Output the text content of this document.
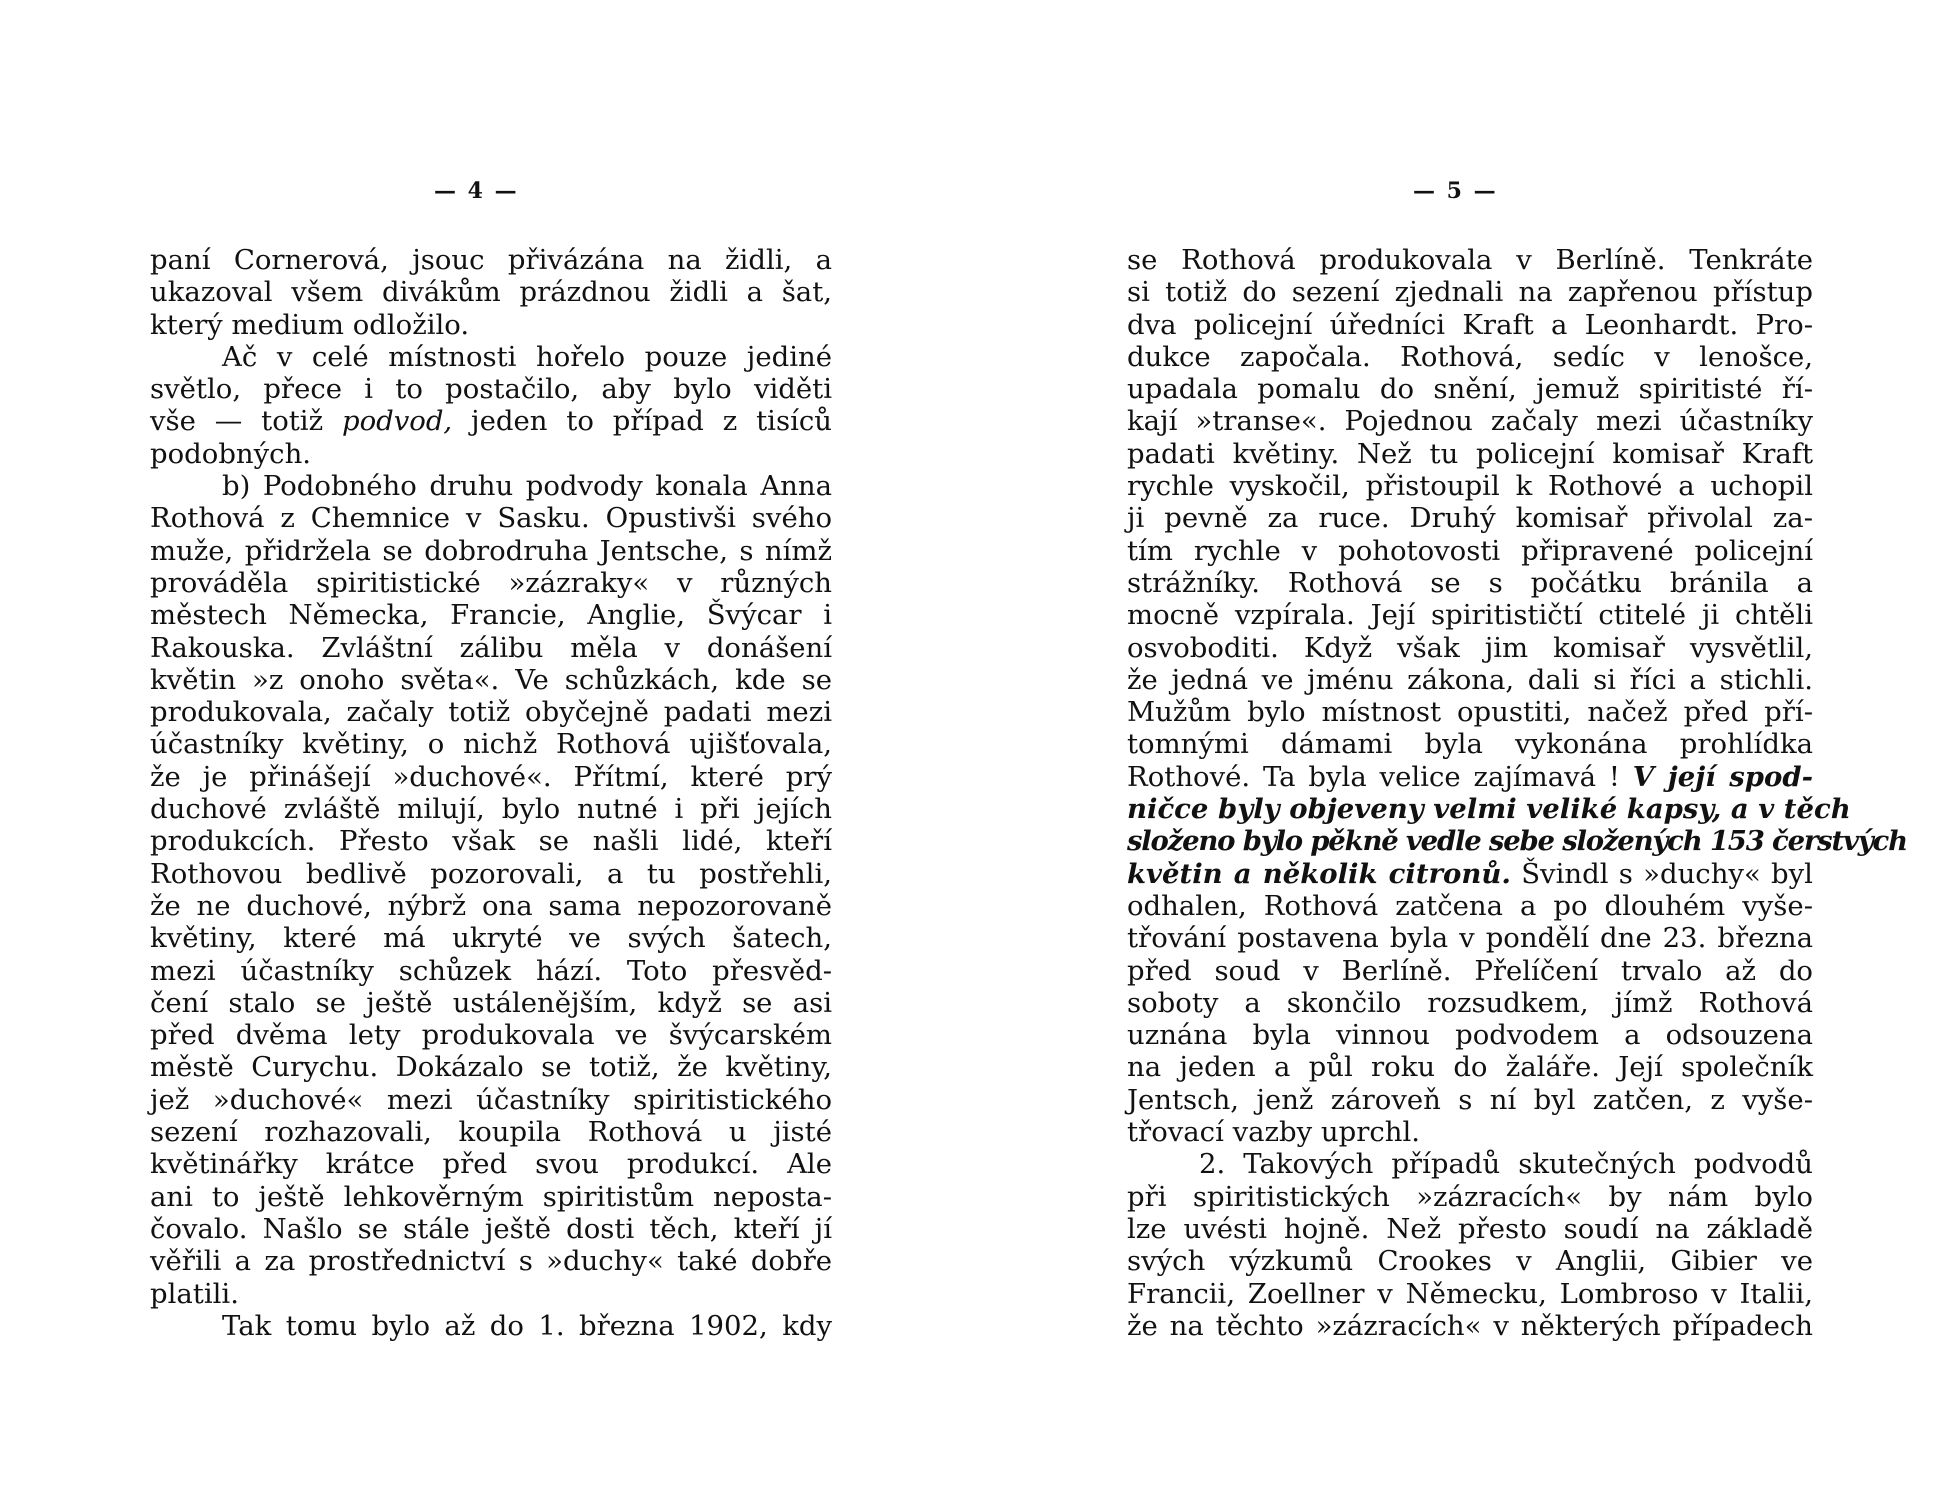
— 4 —
paní Cornerová, jsouc přivázána na židli, a
ukazoval všem divákům prázdnou židli a šat,
který medium odložilo.
Ač v celé místnosti hořelo pouze jediné
světlo, přece i to postačilo, aby bylo viděti
vše — totiž podvod, jeden to případ z tisíců
podobných.
b) Podobného druhu podvody konala Anna
Rothová z Chemnice v Sasku. Opustivši svého
muže, přidržela se dobrodruha Jentsche, s nímž
prováděla spiritistické »zázraky« v různých
městech Německa, Francie, Anglie, Švýcar i
Rakouska. Zvláštní zálibu měla v donášení
květin »z onoho světa«. Ve schůzkách, kde se
produkovala, začaly totiž obyčejně padati mezi
účastníky květiny, o nichž Rothová ujišťovala,
že je přinášejí »duchové«. Přítmí, které prý
duchové zvláště milují, bylo nutné i při jejích
produkcích. Přesto však se našli lidé, kteří
Rothovou bedlivě pozorovali, a tu postřehli,
že ne duchové, nýbrž ona sama nepozorovaně
květiny, které má ukryté ve svých šatech,
mezi účastníky schůzek hází. Toto přesvěd-
čení stalo se ještě ustálenějším, když se asi
před dvěma lety produkovala ve švýcarském
městě Curychu. Dokázalo se totiž, že květiny,
jež »duchové« mezi účastníky spiritistického
sezení rozhazovali, koupila Rothová u jisté
květinářky krátce před svou produkcí. Ale
ani to ještě lehkověrným spiritistům neposta-
čovalo. Našlo se stále ještě dosti těch, kteří jí
věřili a za prostřednictví s »duchy« také dobře
platili.
Tak tomu bylo až do 1. března 1902, kdy
— 5 —
se Rothová produkovala v Berlíně. Tenkráte
si totiž do sezení zjednali na zapřenou přístup
dva policejní úředníci Kraft a Leonhardt. Pro-
dukce započala. Rothová, sedíc v lenošce,
upadala pomalu do snění, jemuž spiritisté ří-
kají »transe«. Pojednou začaly mezi účastníky
padati květiny. Než tu policejní komisař Kraft
rychle vyskočil, přistoupil k Rothové a uchopil
ji pevně za ruce. Druhý komisař přivolal za-
tím rychle v pohotovosti připravené policejní
strážníky. Rothová se s počátku bránila a
mocně vzpírala. Její spiritističtí ctitelé ji chtěli
osvoboditi. Když však jim komisař vysvětlil,
že jedná ve jménu zákona, dali si říci a stichli.
Mužům bylo místnost opustiti, načež před pří-
tomnými dámami byla vykonána prohlídka
Rothové. Ta byla velice zajímavá ! V její spod-
ničce byly objeveny velmi veliké kapsy, a v těch
složeno bylo pěkně vedle sebe složených 153 čerstvých
květin a několik citronů. Švindl s »duchy« byl
odhalen, Rothová zatčena a po dlouhém vyše-
třování postavena byla v pondělí dne 23. března
před soud v Berlíně. Přelíčení trvalo až do
soboty a skončilo rozsudkem, jímž Rothová
uznána byla vinnou podvodem a odsouzena
na jeden a půl roku do žaláře. Její společník
Jentsch, jenž zároveň s ní byl zatčen, z vyše-
třovací vazby uprchl.
2. Takových případů skutečných podvodů
při spiritistických »zázracích« by nám bylo
lze uvésti hojně. Než přesto soudí na základě
svých výzkumů Crookes v Anglii, Gibier ve
Francii, Zoellner v Německu, Lombroso v Italii,
že na těchto »zázracích« v některých případech
